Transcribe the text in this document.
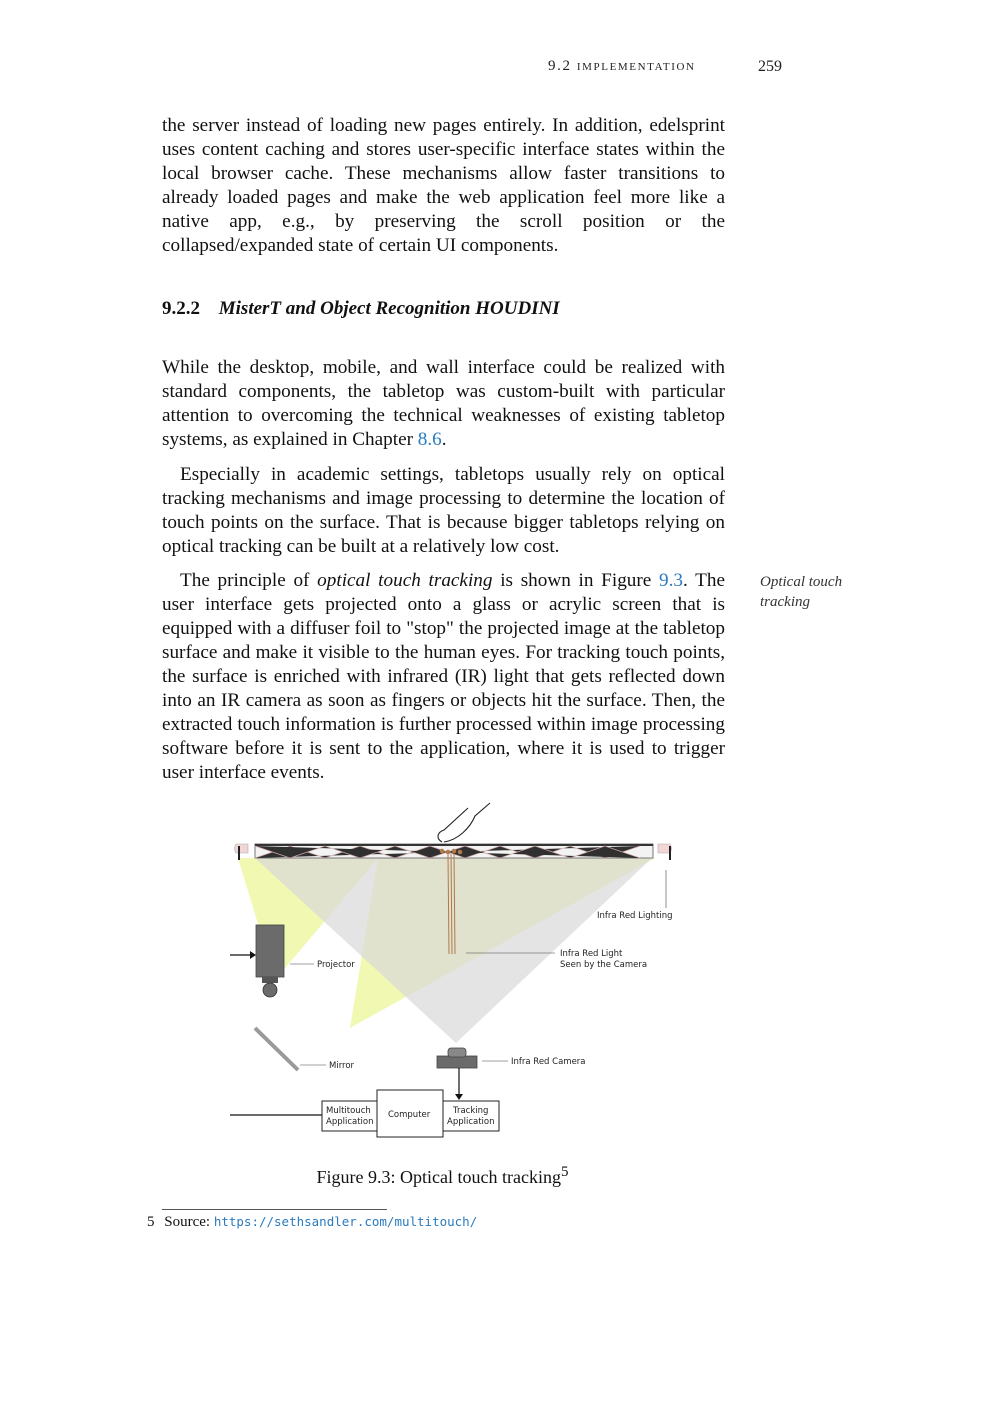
9.2 implementation	259

the server instead of loading new pages entirely. In addition, edelsprint uses content caching and stores user-specific interface states within the local browser cache. These mechanisms allow faster transitions to already loaded pages and make the web application feel more like a native app, e.g., by preserving the scroll position or the collapsed/expanded state of certain UI components.

9.2.2 MisterT and Object Recognition HOUDINI

While the desktop, mobile, and wall interface could be realized with standard components, the tabletop was custom-built with particular attention to overcoming the technical weaknesses of existing tabletop systems, as explained in Chapter 8.6.

Especially in academic settings, tabletops usually rely on optical tracking mechanisms and image processing to determine the location of touch points on the surface. That is because bigger tabletops relying on optical tracking can be built at a relatively low cost.

The principle of optical touch tracking is shown in Figure 9.3. The user interface gets projected onto a glass or acrylic screen that is equipped with a diffuser foil to "stop" the projected image at the tabletop surface and make it visible to the human eyes. For tracking touch points, the surface is enriched with infrared (IR) light that gets reflected down into an IR camera as soon as fingers or objects hit the surface. Then, the extracted touch information is further processed within image processing software before it is sent to the application, where it is used to trigger user interface events.

Optical touch tracking
Infra Red Lighting
Infra Red Light
Seen by the Camera
Projector
Mirror	Infra Red Camera
Multitouch
Application
Computer	Tracking
Application
Figure 9.3: Optical touch tracking$^5$
5 Source: https://sethsandler.com/multitouch/
